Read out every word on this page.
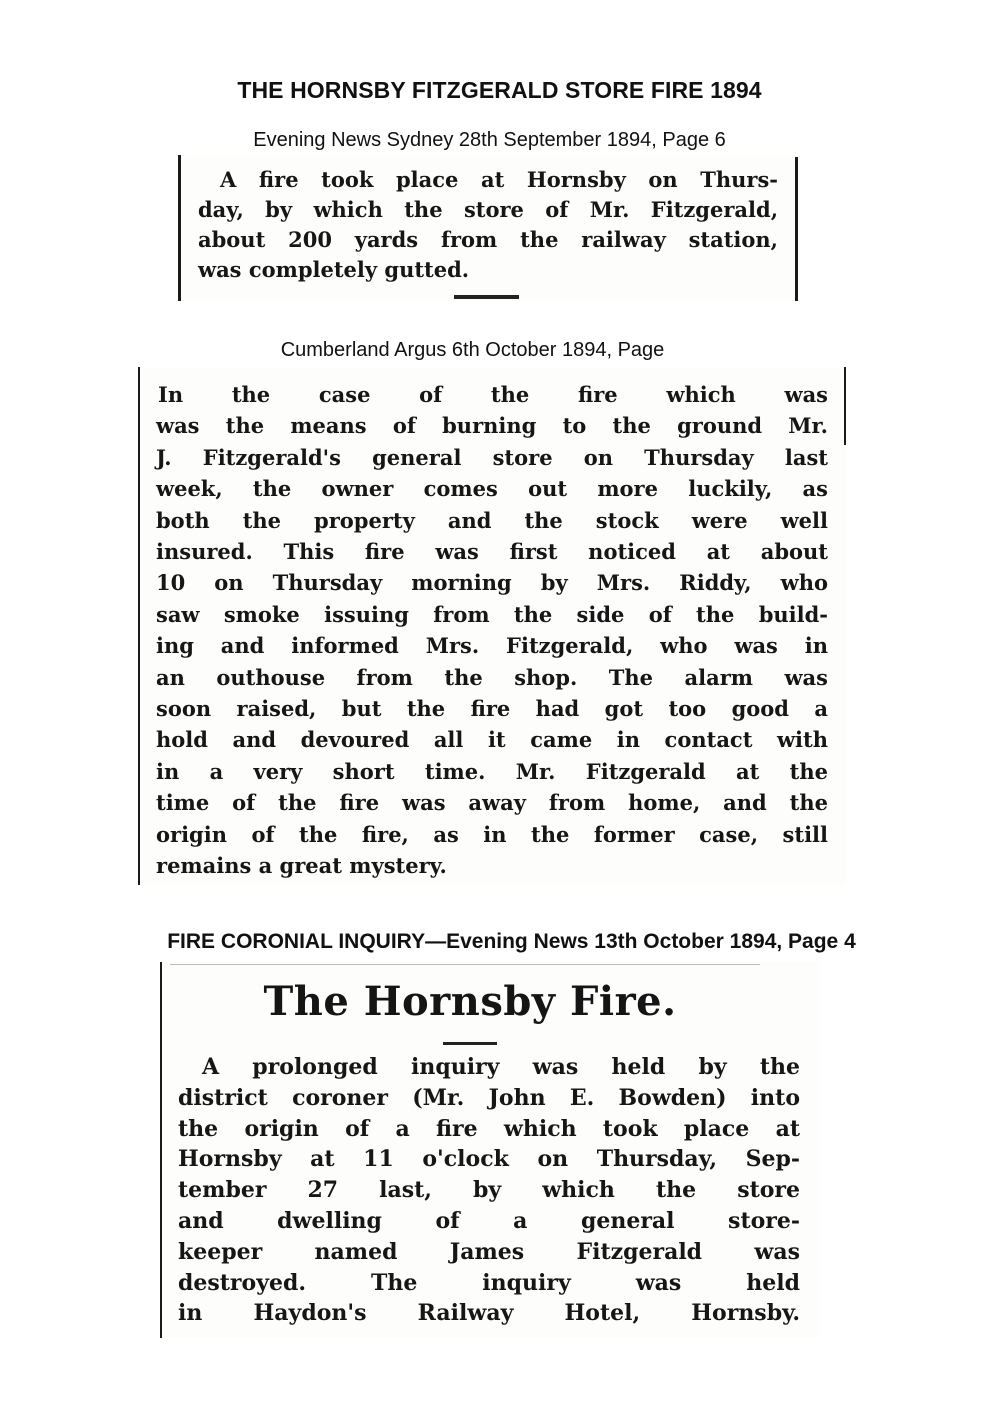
THE HORNSBY FITZGERALD STORE FIRE 1894
Evening News Sydney 28th September 1894, Page 6
A fire took place at Hornsby on Thurs-
day, by which the store of Mr. Fitzgerald,
about 200 yards from the railway station,
was completely gutted.
Cumberland Argus 6th October 1894, Page
In the case of the fire which was
was the means of burning to the ground Mr.
J. Fitzgerald's general store on Thursday last
week, the owner comes out more luckily, as
both the property and the stock were well
insured. This fire was first noticed at about
10 on Thursday morning by Mrs. Riddy, who
saw smoke issuing from the side of the build-
ing and informed Mrs. Fitzgerald, who was in
an outhouse from the shop. The alarm was
soon raised, but the fire had got too good a
hold and devoured all it came in contact with
in a very short time. Mr. Fitzgerald at the
time of the fire was away from home, and the
origin of the fire, as in the former case, still
remains a great mystery.
FIRE CORONIAL INQUIRY—Evening News 13th October 1894, Page 4
The Hornsby Fire.
A prolonged inquiry was held by the
district coroner (Mr. John E. Bowden) into
the origin of a fire which took place at
Hornsby at 11 o'clock on Thursday, Sep-
tember 27 last, by which the store
and dwelling of a general store-
keeper named James Fitzgerald was
destroyed. The inquiry was held
in Haydon's Railway Hotel, Hornsby.
